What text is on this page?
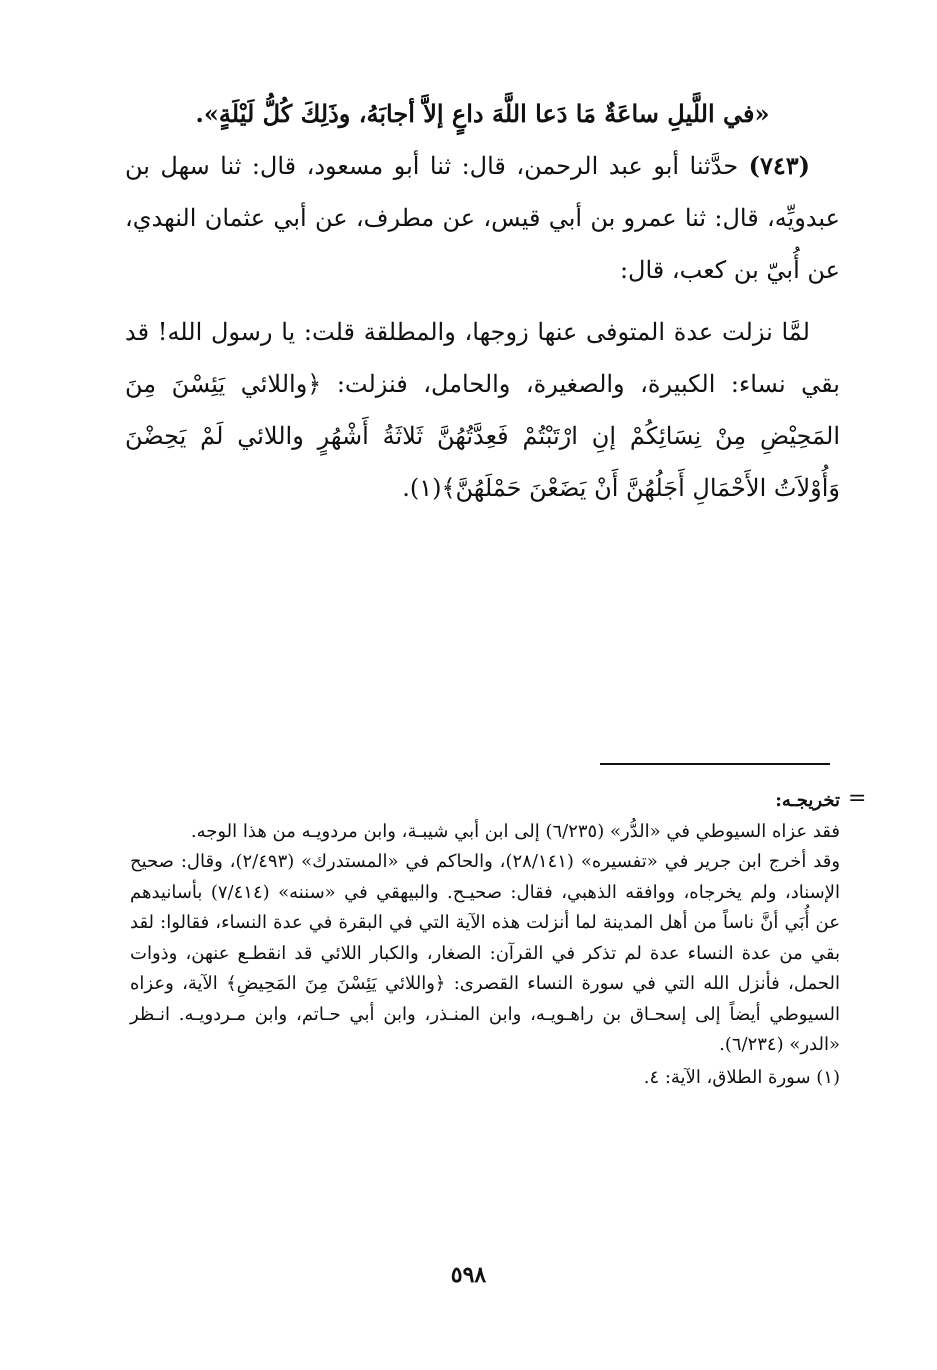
«في اللَّيلِ ساعَةٌ مَا دَعا اللَّهَ داعٍ إلاَّ أجابَهُ، وذَلِكَ كُلُّ لَيْلَةٍ».

(٧٤٣) حدَّثنا أبو عبد الرحمن، قال: ثنا أبو مسعود، قال: ثنا سهل بن عبدويِّه، قال: ثنا عمرو بن أبي قيس، عن مطرف، عن أبي عثمان النهدي، عن أُبيّ بن كعب، قال:

لمَّا نزلت عدة المتوفى عنها زوجها، والمطلقة قلت: يا رسول الله! قد بقي نساء: الكبيرة، والصغيرة، والحامل، فنزلت: ﴿واللائي يَئِسْنَ مِنَ المَحِيْضِ مِنْ نِسَائِكُمْ إنِ ارْتَبْتُمْ فَعِدَّتُهُنَّ ثَلاثَةُ أَشْهُرٍ واللائي لَمْ يَحِضْنَ وَأُوْلاَتُ الأَحْمَالِ أَجَلُهُنَّ أَنْ يَضَعْنَ حَمْلَهُنَّ﴾(١).

=

تخريجـه:

فقد عزاه السيوطي في «الدُّر» (٦/٢٣٥) إلى ابن أبي شيبـة، وابن مردويـه من هذا الوجه.

وقد أخرج ابن جرير في «تفسيره» (٢٨/١٤١)، والحاكم في «المستدرك» (٢/٤٩٣)، وقال: صحيح الإسناد، ولم يخرجاه، ووافقه الذهبي، فقال: صحيـح. والبيهقي في «سننه» (٧/٤١٤) بأسانيدهم عن أُبَي أنَّ ناساً من أهل المدينة لما أنزلت هذه الآية التي في البقرة في عدة النساء، فقالوا: لقد بقي من عدة النساء عدة لم تذكر في القرآن: الصغار، والكبار اللائي قد انقطـع عنهن، وذوات الحمل، فأنزل الله التي في سورة النساء القصرى: ﴿واللائي يَئِسْنَ مِنَ المَحِيضِ﴾ الآية، وعزاه السيوطي أيضاً إلى إسحـاق بن راهـويـه، وابن المنـذر، وابن أبي حـاتم، وابن مـردويـه. انـظر «الدر» (٦/٢٣٤).

(١) سورة الطلاق، الآية: ٤.

٥٩٨
